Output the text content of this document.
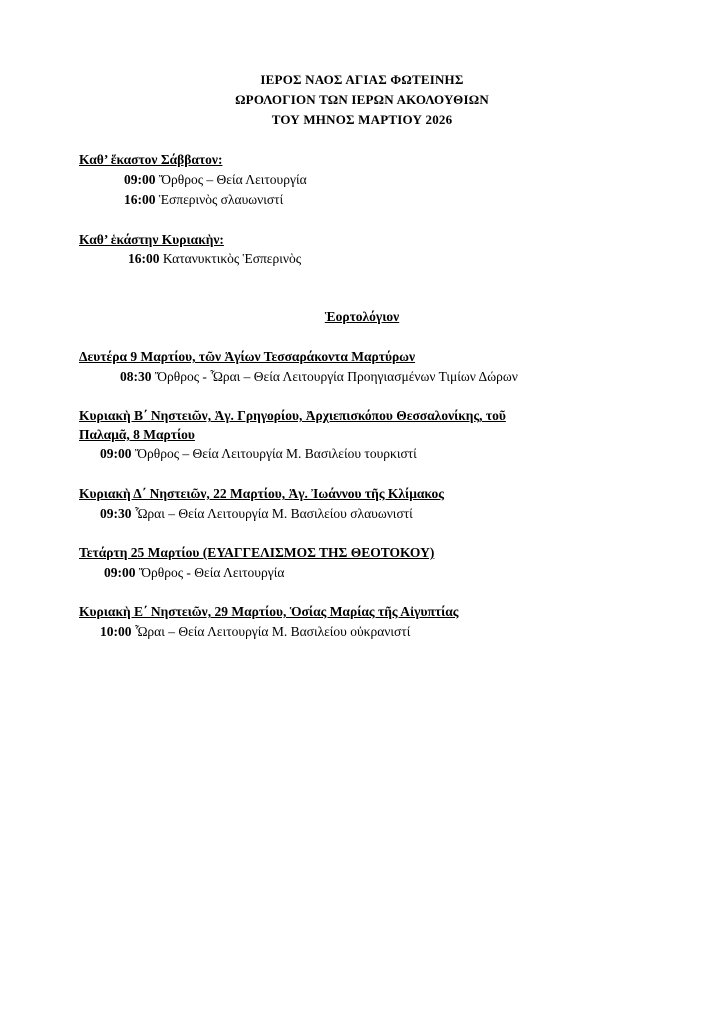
ΙΕΡΟΣ ΝΑΟΣ ΑΓΙΑΣ ΦΩΤΕΙΝΗΣ
ΩΡΟΛΟΓΙΟΝ ΤΩΝ ΙΕΡΩΝ ΑΚΟΛΟΥΘΙΩΝ
ΤΟΥ ΜΗΝΟΣ ΜΑΡΤΙΟΥ 2026
Καθ’ ἕκαστον Σάββατον:
09:00 Ὄρθρος – Θεία Λειτουργία
16:00 Ἑσπερινὸς σλαυωνιστί
Καθ’ ἑκάστην Κυριακὴν:
16:00 Κατανυκτικὸς Ἑσπερινὸς
Ἑορτολόγιον
Δευτέρα 9 Μαρτίου, τῶν Ἁγίων Τεσσαράκοντα Μαρτύρων
08:30 Ὄρθρος - Ὧραι – Θεία Λειτουργία Προηγιασμένων Τιμίων Δώρων
Κυριακὴ Β΄ Νηστειῶν, Ἁγ. Γρηγορίου, Ἀρχιεπισκόπου Θεσσαλονίκης, τοῦ
Παλαμᾶ, 8 Μαρτίου
09:00 Ὄρθρος – Θεία Λειτουργία Μ. Βασιλείου τουρκιστί
Κυριακὴ Δ΄ Νηστειῶν, 22 Μαρτίου, Ἁγ. Ἰωάννου τῆς Κλίμακος
09:30 Ὧραι – Θεία Λειτουργία Μ. Βασιλείου σλαυωνιστί
Τετάρτη 25 Μαρτίου (ΕΥΑΓΓΕΛΙΣΜΟΣ ΤΗΣ ΘΕΟΤΟΚΟΥ)
09:00 Ὄρθρος - Θεία Λειτουργία
Κυριακὴ Ε΄ Νηστειῶν, 29 Μαρτίου, Ὁσίας Μαρίας τῆς Αἰγυπτίας
10:00 Ὧραι – Θεία Λειτουργία Μ. Βασιλείου οὐκρανιστί
